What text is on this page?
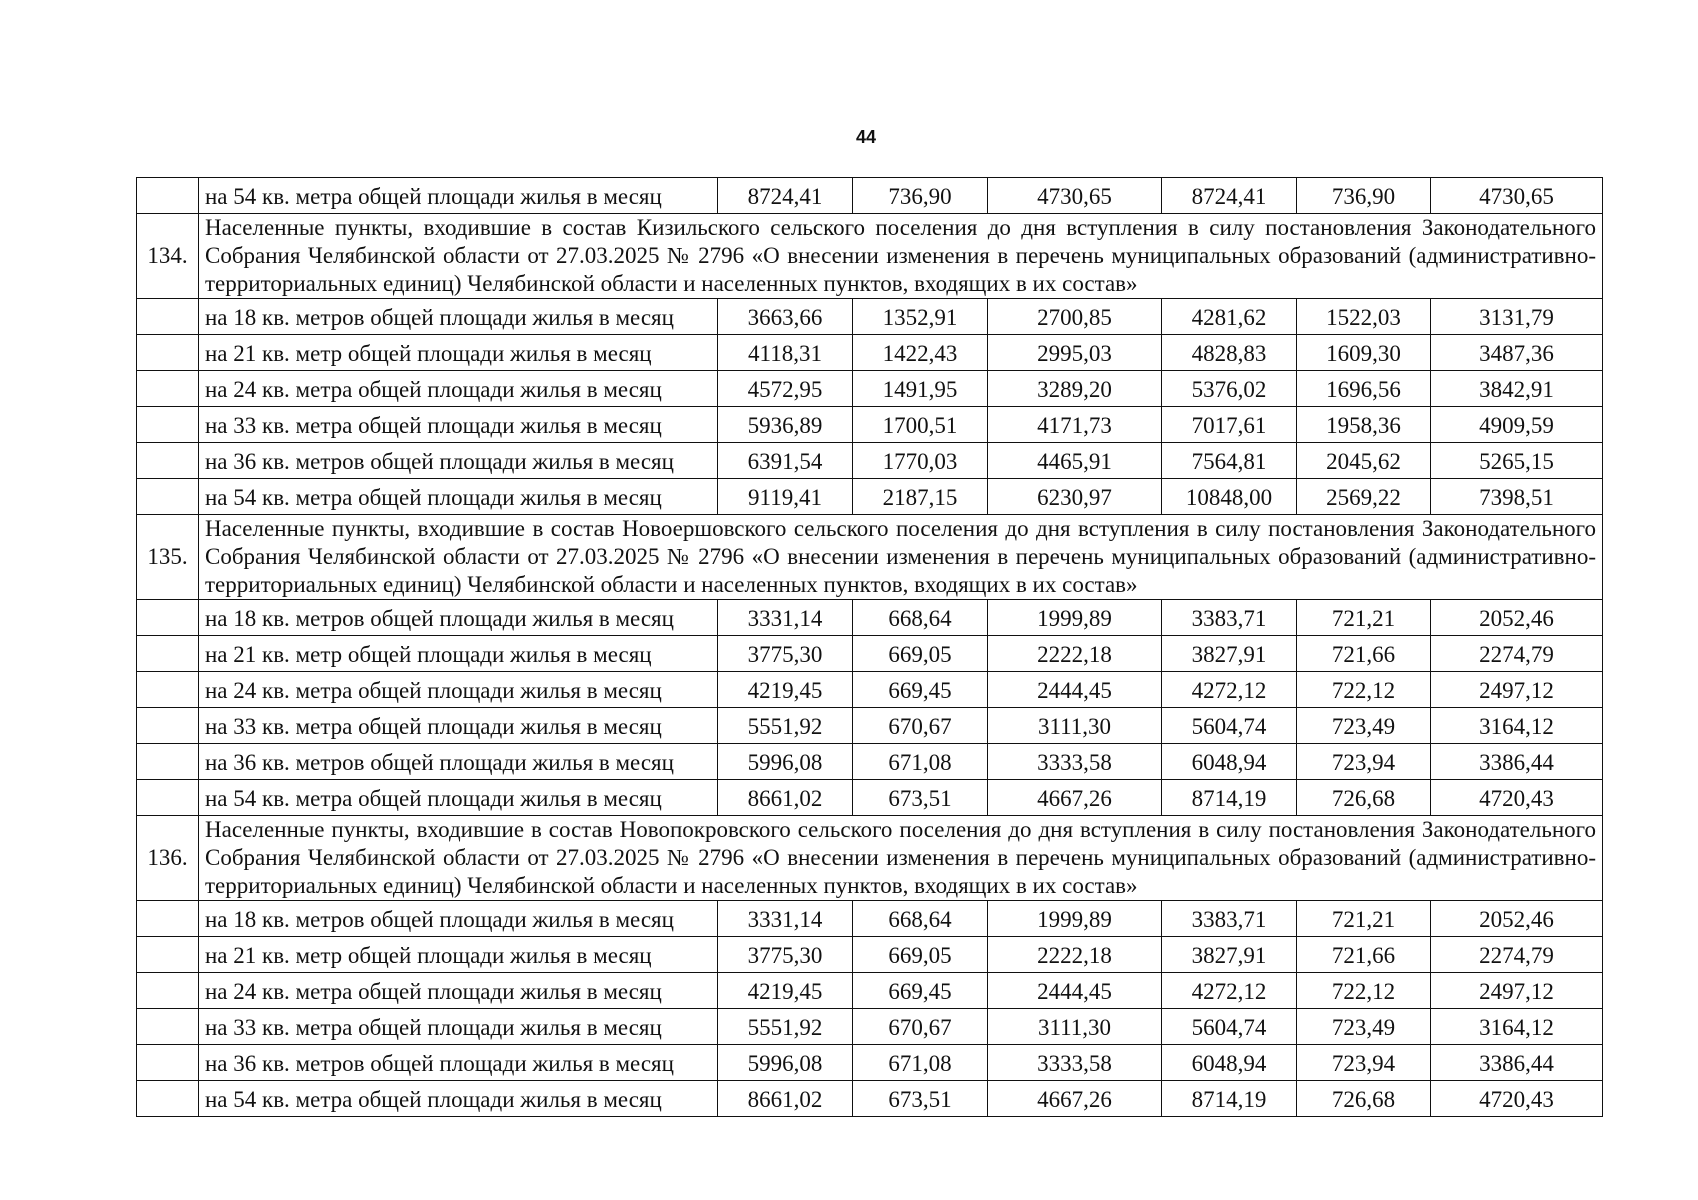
44
	на 54 кв. метра общей площади жилья в месяц	8724,41	736,90	4730,65	8724,41	736,90	4730,65
134.	Населенные пункты, входившие в состав Кизильского сельского поселения до дня вступления в силу постановления Законодательного Собрания Челябинской области от 27.03.2025 № 2796 «О внесении изменения в перечень муниципальных образований (административно-территориальных единиц) Челябинской области и населенных пунктов, входящих в их состав»						
	на 18 кв. метров общей площади жилья в месяц	3663,66	1352,91	2700,85	4281,62	1522,03	3131,79
	на 21 кв. метр общей площади жилья в месяц	4118,31	1422,43	2995,03	4828,83	1609,30	3487,36
	на 24 кв. метра общей площади жилья в месяц	4572,95	1491,95	3289,20	5376,02	1696,56	3842,91
	на 33 кв. метра общей площади жилья в месяц	5936,89	1700,51	4171,73	7017,61	1958,36	4909,59
	на 36 кв. метров общей площади жилья в месяц	6391,54	1770,03	4465,91	7564,81	2045,62	5265,15
	на 54 кв. метра общей площади жилья в месяц	9119,41	2187,15	6230,97	10848,00	2569,22	7398,51
135.	Населенные пункты, входившие в состав Новоершовского сельского поселения до дня вступления в силу постановления Законодательного Собрания Челябинской области от 27.03.2025 № 2796 «О внесении изменения в перечень муниципальных образований (административно-территориальных единиц) Челябинской области и населенных пунктов, входящих в их состав»						
	на 18 кв. метров общей площади жилья в месяц	3331,14	668,64	1999,89	3383,71	721,21	2052,46
	на 21 кв. метр общей площади жилья в месяц	3775,30	669,05	2222,18	3827,91	721,66	2274,79
	на 24 кв. метра общей площади жилья в месяц	4219,45	669,45	2444,45	4272,12	722,12	2497,12
	на 33 кв. метра общей площади жилья в месяц	5551,92	670,67	3111,30	5604,74	723,49	3164,12
	на 36 кв. метров общей площади жилья в месяц	5996,08	671,08	3333,58	6048,94	723,94	3386,44
	на 54 кв. метра общей площади жилья в месяц	8661,02	673,51	4667,26	8714,19	726,68	4720,43
136.	Населенные пункты, входившие в состав Новопокровского сельского поселения до дня вступления в силу постановления Законодательного Собрания Челябинской области от 27.03.2025 № 2796 «О внесении изменения в перечень муниципальных образований (административно-территориальных единиц) Челябинской области и населенных пунктов, входящих в их состав»						
	на 18 кв. метров общей площади жилья в месяц	3331,14	668,64	1999,89	3383,71	721,21	2052,46
	на 21 кв. метр общей площади жилья в месяц	3775,30	669,05	2222,18	3827,91	721,66	2274,79
	на 24 кв. метра общей площади жилья в месяц	4219,45	669,45	2444,45	4272,12	722,12	2497,12
	на 33 кв. метра общей площади жилья в месяц	5551,92	670,67	3111,30	5604,74	723,49	3164,12
	на 36 кв. метров общей площади жилья в месяц	5996,08	671,08	3333,58	6048,94	723,94	3386,44
	на 54 кв. метра общей площади жилья в месяц	8661,02	673,51	4667,26	8714,19	726,68	4720,43
